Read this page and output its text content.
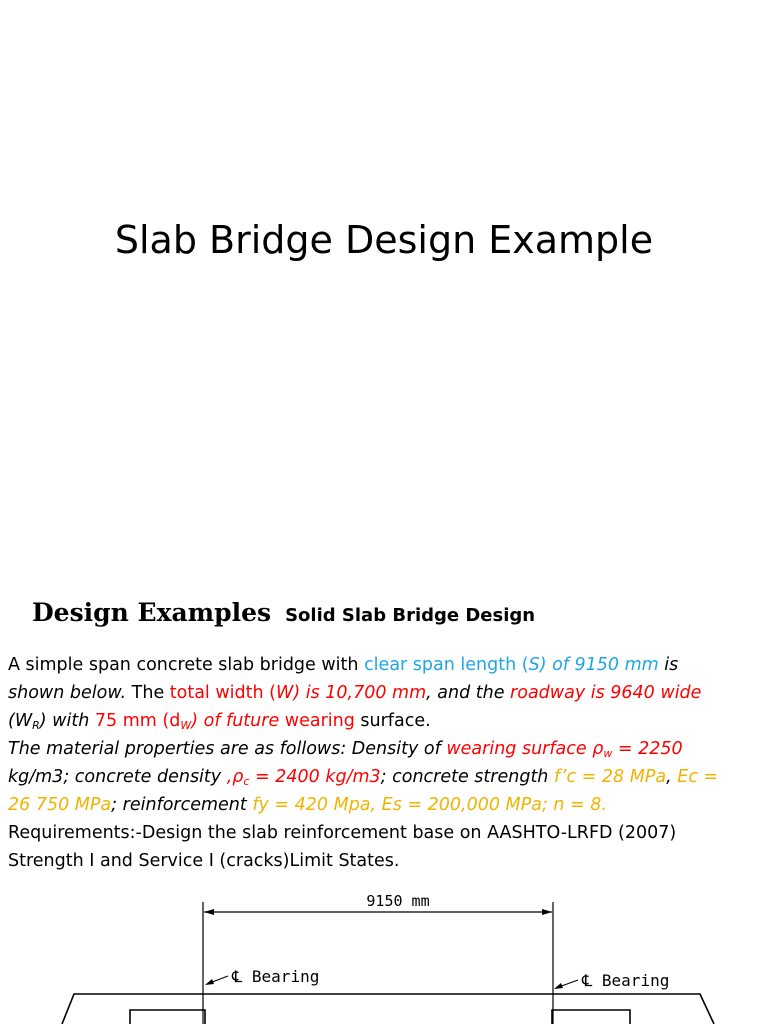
Slab Bridge Design Example
Design Examples Solid Slab Bridge Design
A simple span concrete slab bridge with clear span length (S) of 9150 mm is
shown below. The total width (W) is 10,700 mm, and the roadway is 9640 wide
$(W_R)$ with 75 mm $(d_W)$ of future wearing surface.
The material properties are as follows: Density of wearing surface $\rho_w = 2250$
kg/m3; concrete density $,\rho_c = 2400$ kg/m3; concrete strength f’c = 28 MPa, Ec =
26 750 MPa; reinforcement fy = 420 Mpa, Es = 200,000 MPa; n = 8.
Requirements:-Design the slab reinforcement base on AASHTO-LRFD (2007)
Strength I and Service I (cracks)Limit States.
9150 mm
℄ Bearing	℄ Bearing
